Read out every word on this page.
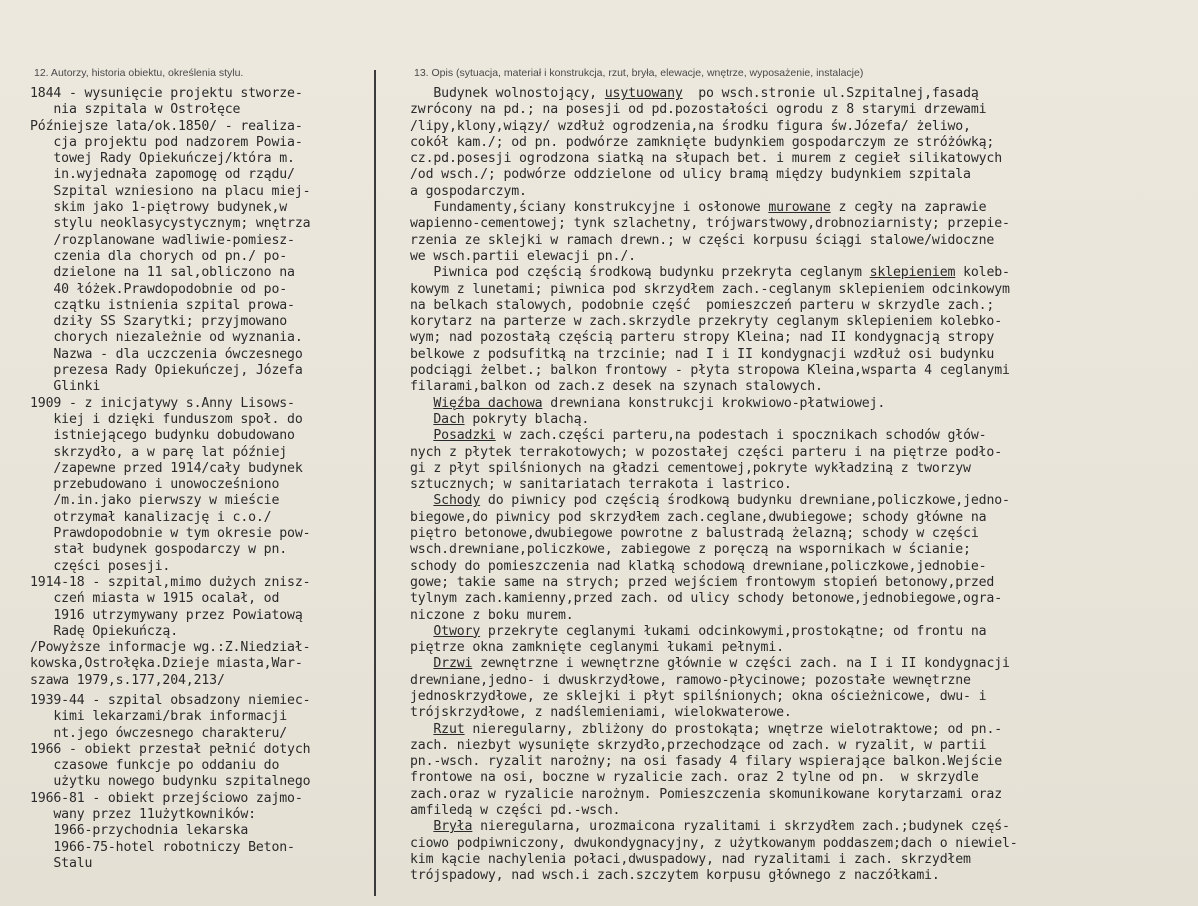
12. Autorzy, historia obiektu, określenia stylu.	13. Opis (sytuacja, materiał i konstrukcja, rzut, bryła, elewacje, wnętrze, wyposażenie, instalacje)
1844 - wysunięcie projektu stworze-
nia szpitala w Ostrołęce
Późniejsze lata/ok.1850/ - realiza-
cja projektu pod nadzorem Powia-
towej Rady Opiekuńczej/która m.
in.wyjednała zapomogę od rządu/
Szpital wzniesiono na placu miej-
skim jako 1-piętrowy budynek,w
stylu neoklasycystycznym; wnętrza
/rozplanowane wadliwie-pomiesz-
czenia dla chorych od pn./ po-
dzielone na 11 sal,obliczono na
40 łóżek.Prawdopodobnie od po-
czątku istnienia szpital prowa-
dziły SS Szarytki; przyjmowano
chorych niezależnie od wyznania.
Nazwa - dla uczczenia ówczesnego
prezesa Rady Opiekuńczej, Józefa
Glinki
1909 - z inicjatywy s.Anny Lisows-
kiej i dzięki funduszom społ. do
istniejącego budynku dobudowano
skrzydło, a w parę lat później
/zapewne przed 1914/cały budynek
przebudowano i unowocześniono
/m.in.jako pierwszy w mieście
otrzymał kanalizację i c.o./
Prawdopodobnie w tym okresie pow-
stał budynek gospodarczy w pn.
części posesji.
1914-18 - szpital,mimo dużych znisz-
czeń miasta w 1915 ocalał, od
1916 utrzymywany przez Powiatową
Radę Opiekuńczą.
/Powyższe informacje wg.:Z.Niedział-
kowska,Ostrołęka.Dzieje miasta,War-
szawa 1979,s.177,204,213/
1939-44 - szpital obsadzony niemiec-
kimi lekarzami/brak informacji
nt.jego ówczesnego charakteru/
1966 - obiekt przestał pełnić dotych
czasowe funkcje po oddaniu do
użytku nowego budynku szpitalnego
1966-81 - obiekt przejściowo zajmo-
wany przez 11użytkowników:
1966-przychodnia lekarska
1966-75-hotel robotniczy Beton-
Stalu
Budynek wolnostojący, usytuowany  po wsch.stronie ul.Szpitalnej,fasadą
zwrócony na pd.; na posesji od pd.pozostałości ogrodu z 8 starymi drzewami
/lipy,klony,wiązy/ wzdłuż ogrodzenia,na środku figura św.Józefa/ żeliwo,
cokół kam./; od pn. podwórze zamknięte budynkiem gospodarczym ze stróżówką;
cz.pd.posesji ogrodzona siatką na słupach bet. i murem z cegieł silikatowych
/od wsch./; podwórze oddzielone od ulicy bramą między budynkiem szpitala
a gospodarczym.
Fundamenty,ściany konstrukcyjne i osłonowe murowane z cegły na zaprawie
wapienno-cementowej; tynk szlachetny, trójwarstwowy,drobnoziarnisty; przepie-
rzenia ze sklejki w ramach drewn.; w części korpusu ściągi stalowe/widoczne
we wsch.partii elewacji pn./.
Piwnica pod częścią środkową budynku przekryta ceglanym sklepieniem koleb-
kowym z lunetami; piwnica pod skrzydłem zach.-ceglanym sklepieniem odcinkowym
na belkach stalowych, podobnie część  pomieszczeń parteru w skrzydle zach.;
korytarz na parterze w zach.skrzydle przekryty ceglanym sklepieniem kolebko-
wym; nad pozostałą częścią parteru stropy Kleina; nad II kondygnacją stropy
belkowe z podsufitką na trzcinie; nad I i II kondygnacji wzdłuż osi budynku
podciągi żelbet.; balkon frontowy - płyta stropowa Kleina,wsparta 4 ceglanymi
filarami,balkon od zach.z desek na szynach stalowych.
Więźba dachowa drewniana konstrukcji krokwiowo-płatwiowej.
Dach pokryty blachą.
Posadzki w zach.części parteru,na podestach i spocznikach schodów głów-
nych z płytek terrakotowych; w pozostałej części parteru i na piętrze podło-
gi z płyt spilśnionych na gładzi cementowej,pokryte wykładziną z tworzyw
sztucznych; w sanitariatach terrakota i lastrico.
Schody do piwnicy pod częścią środkową budynku drewniane,policzkowe,jedno-
biegowe,do piwnicy pod skrzydłem zach.ceglane,dwubiegowe; schody główne na
piętro betonowe,dwubiegowe powrotne z balustradą żelazną; schody w części
wsch.drewniane,policzkowe, zabiegowe z poręczą na wspornikach w ścianie;
schody do pomieszczenia nad klatką schodową drewniane,policzkowe,jednobie-
gowe; takie same na strych; przed wejściem frontowym stopień betonowy,przed
tylnym zach.kamienny,przed zach. od ulicy schody betonowe,jednobiegowe,ogra-
niczone z boku murem.
Otwory przekryte ceglanymi łukami odcinkowymi,prostokątne; od frontu na
piętrze okna zamknięte ceglanymi łukami pełnymi.
Drzwi zewnętrzne i wewnętrzne głównie w części zach. na I i II kondygnacji
drewniane,jedno- i dwuskrzydłowe, ramowo-płycinowe; pozostałe wewnętrzne
jednoskrzydłowe, ze sklejki i płyt spilśnionych; okna ościeżnicowe, dwu- i
trójskrzydłowe, z nadślemieniami, wielokwaterowe.
Rzut nieregularny, zbliżony do prostokąta; wnętrze wielotraktowe; od pn.-
zach. niezbyt wysunięte skrzydło,przechodzące od zach. w ryzalit, w partii
pn.-wsch. ryzalit narożny; na osi fasady 4 filary wspierające balkon.Wejście
frontowe na osi, boczne w ryzalicie zach. oraz 2 tylne od pn.  w skrzydle
zach.oraz w ryzalicie narożnym. Pomieszczenia skomunikowane korytarzami oraz
amfiledą w części pd.-wsch.
Bryła nieregularna, urozmaicona ryzalitami i skrzydłem zach.;budynek częś-
ciowo podpiwniczony, dwukondygnacyjny, z użytkowanym poddaszem;dach o niewiel-
kim kącie nachylenia połaci,dwuspadowy, nad ryzalitami i zach. skrzydłem
trójspadowy, nad wsch.i zach.szczytem korpusu głównego z naczółkami.
